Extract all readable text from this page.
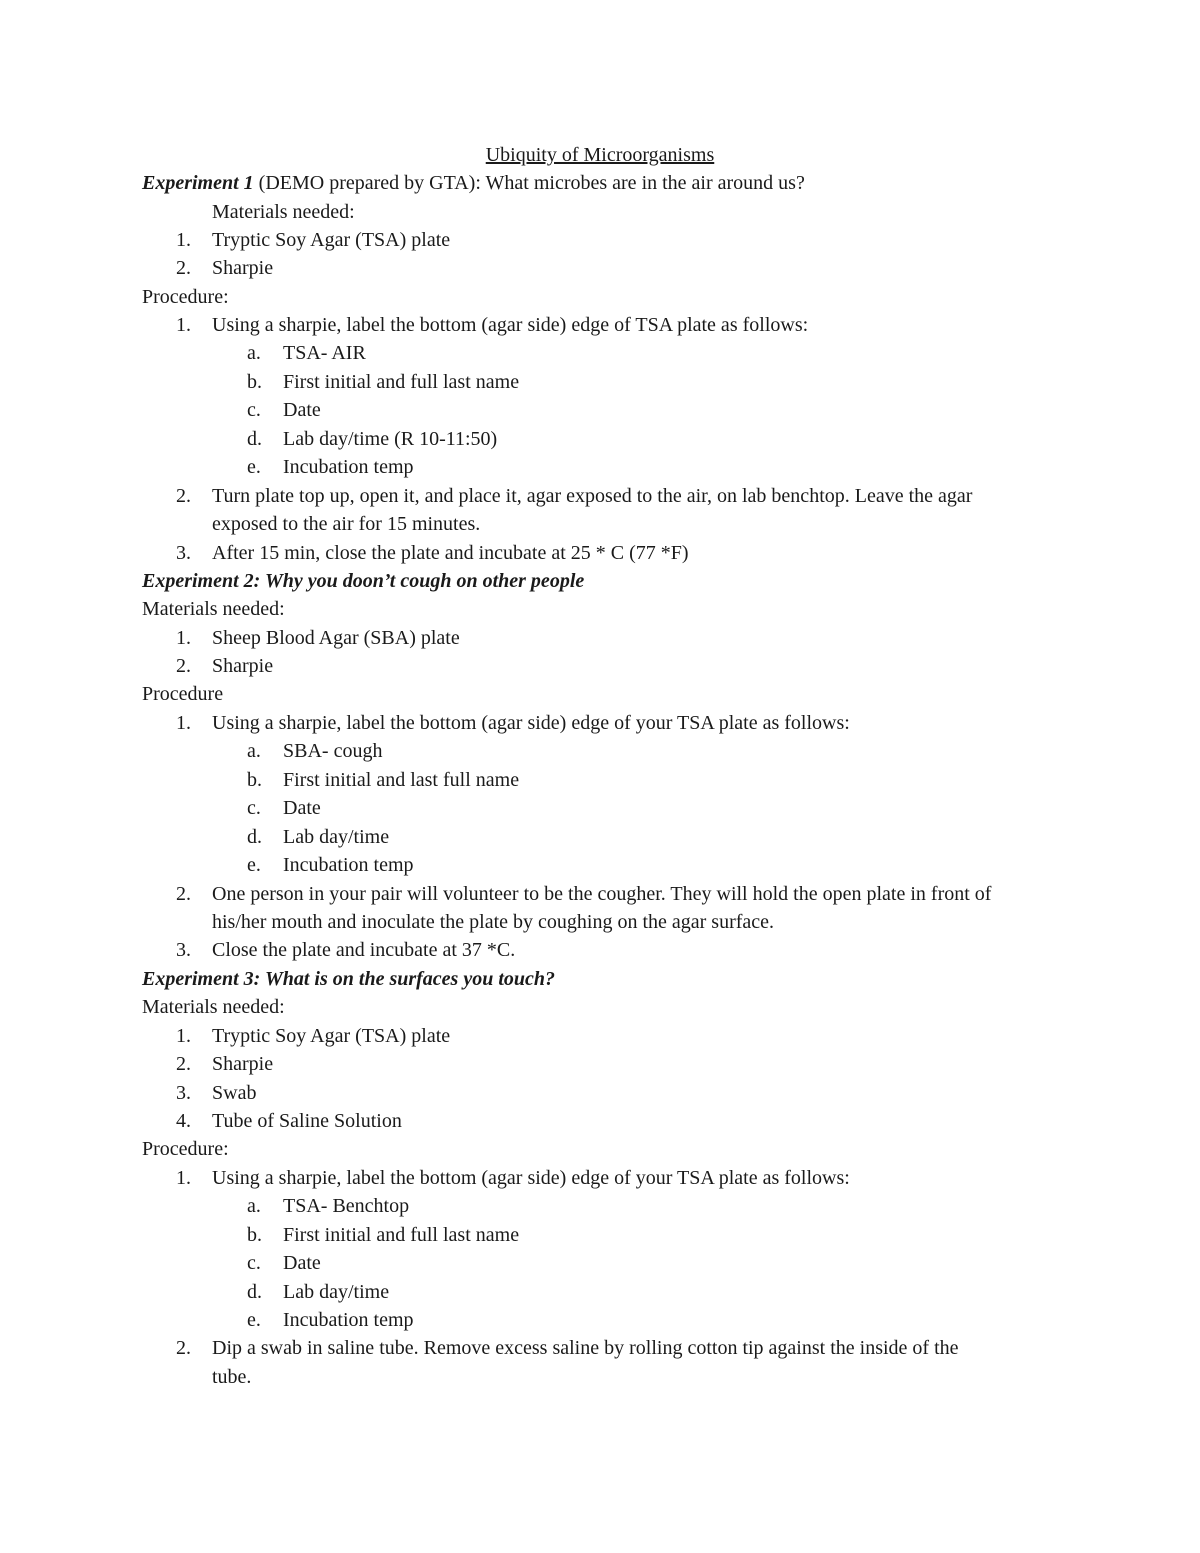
Ubiquity of Microorganisms
Experiment 1 (DEMO prepared by GTA): What microbes are in the air around us?
Materials needed:
1. Tryptic Soy Agar (TSA) plate
2. Sharpie
Procedure:
1. Using a sharpie, label the bottom (agar side) edge of TSA plate as follows:
a. TSA- AIR
b. First initial and full last name
c. Date
d. Lab day/time (R 10-11:50)
e. Incubation temp
2. Turn plate top up, open it, and place it, agar exposed to the air, on lab benchtop. Leave the agar
exposed to the air for 15 minutes.
3. After 15 min, close the plate and incubate at 25 * C (77 *F)
Experiment 2: Why you doon’t cough on other people
Materials needed:
1. Sheep Blood Agar (SBA) plate
2. Sharpie
Procedure
1. Using a sharpie, label the bottom (agar side) edge of your TSA plate as follows:
a. SBA- cough
b. First initial and last full name
c. Date
d. Lab day/time
e. Incubation temp
2. One person in your pair will volunteer to be the cougher. They will hold the open plate in front of
his/her mouth and inoculate the plate by coughing on the agar surface.
3. Close the plate and incubate at 37 *C.
Experiment 3: What is on the surfaces you touch?
Materials needed:
1. Tryptic Soy Agar (TSA) plate
2. Sharpie
3. Swab
4. Tube of Saline Solution
Procedure:
1. Using a sharpie, label the bottom (agar side) edge of your TSA plate as follows:
a. TSA- Benchtop
b. First initial and full last name
c. Date
d. Lab day/time
e. Incubation temp
2. Dip a swab in saline tube. Remove excess saline by rolling cotton tip against the inside of the
tube.
